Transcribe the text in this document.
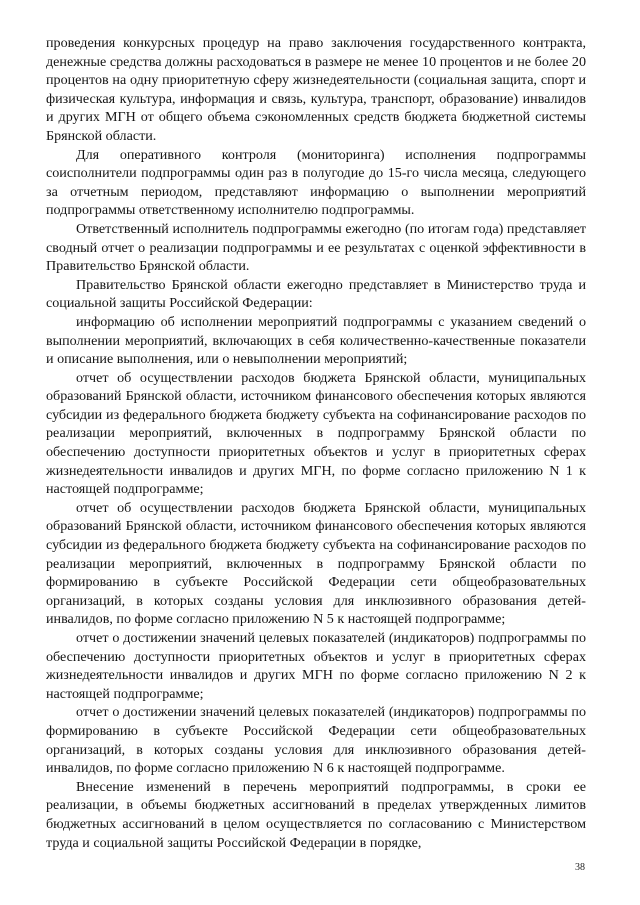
проведения конкурсных процедур на право заключения государственного контракта, денежные средства должны расходоваться в размере не менее 10 процентов и не более 20 процентов на одну приоритетную сферу жизнедеятельности (социальная защита, спорт и физическая культура, информация и связь, культура, транспорт, образование) инвалидов и других МГН от общего объема сэкономленных средств бюджета бюджетной системы Брянской области.

Для оперативного контроля (мониторинга) исполнения подпрограммы соисполнители подпрограммы один раз в полугодие до 15-го числа месяца, следующего за отчетным периодом, представляют информацию о выполнении мероприятий подпрограммы ответственному исполнителю подпрограммы.

Ответственный исполнитель подпрограммы ежегодно (по итогам года) представляет сводный отчет о реализации подпрограммы и ее результатах с оценкой эффективности в Правительство Брянской области.

Правительство Брянской области ежегодно представляет в Министерство труда и социальной защиты Российской Федерации:

информацию об исполнении мероприятий подпрограммы с указанием сведений о выполнении мероприятий, включающих в себя количественно-качественные показатели и описание выполнения, или о невыполнении мероприятий;

отчет об осуществлении расходов бюджета Брянской области, муниципальных образований Брянской области, источником финансового обеспечения которых являются субсидии из федерального бюджета бюджету субъекта на софинансирование расходов по реализации мероприятий, включенных в подпрограмму Брянской области по обеспечению доступности приоритетных объектов и услуг в приоритетных сферах жизнедеятельности инвалидов и других МГН, по форме согласно приложению N 1 к настоящей подпрограмме;

отчет об осуществлении расходов бюджета Брянской области, муниципальных образований Брянской области, источником финансового обеспечения которых являются субсидии из федерального бюджета бюджету субъекта на софинансирование расходов по реализации мероприятий, включенных в подпрограмму Брянской области по формированию в субъекте Российской Федерации сети общеобразовательных организаций, в которых созданы условия для инклюзивного образования детей-инвалидов, по форме согласно приложению N 5 к настоящей подпрограмме;

отчет о достижении значений целевых показателей (индикаторов) подпрограммы по обеспечению доступности приоритетных объектов и услуг в приоритетных сферах жизнедеятельности инвалидов и других МГН по форме согласно приложению N 2 к настоящей подпрограмме;

отчет о достижении значений целевых показателей (индикаторов) подпрограммы по формированию в субъекте Российской Федерации сети общеобразовательных организаций, в которых созданы условия для инклюзивного образования детей-инвалидов, по форме согласно приложению N 6 к настоящей подпрограмме.

Внесение изменений в перечень мероприятий подпрограммы, в сроки ее реализации, в объемы бюджетных ассигнований в пределах утвержденных лимитов бюджетных ассигнований в целом осуществляется по согласованию с Министерством труда и социальной защиты Российской Федерации в порядке,

38
